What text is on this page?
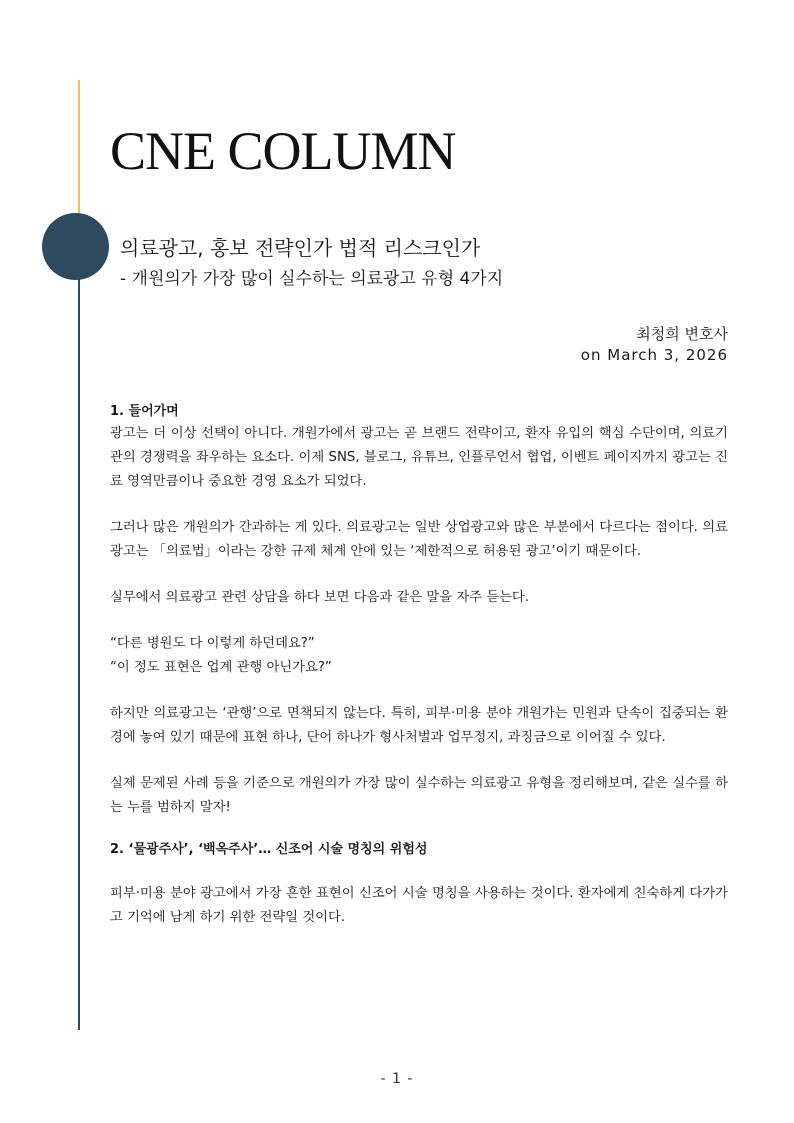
CNE COLUMN
의료광고, 홍보 전략인가 법적 리스크인가
- 개원의가 가장 많이 실수하는 의료광고 유형 4가지
최청희 변호사
on March 3, 2026
1. 들어가며

광고는 더 이상 선택이 아니다. 개원가에서 광고는 곧 브랜드 전략이고, 환자 유입의 핵심 수단이며, 의료기관의 경쟁력을 좌우하는 요소다. 이제 SNS, 블로그, 유튜브, 인플루언서 협업, 이벤트 페이지까지 광고는 진료 영역만큼이나 중요한 경영 요소가 되었다.

그러나 많은 개원의가 간과하는 게 있다. 의료광고는 일반 상업광고와 많은 부분에서 다르다는 점이다. 의료광고는 「의료법」이라는 강한 규제 체계 안에 있는 ‘제한적으로 허용된 광고’이기 때문이다.

실무에서 의료광고 관련 상담을 하다 보면 다음과 같은 말을 자주 듣는다.

“다른 병원도 다 이렇게 하던데요?”

“이 정도 표현은 업계 관행 아닌가요?”

하지만 의료광고는 ‘관행’으로 면책되지 않는다. 특히, 피부·미용 분야 개원가는 민원과 단속이 집중되는 환경에 놓여 있기 때문에 표현 하나, 단어 하나가 형사처벌과 업무정지, 과징금으로 이어질 수 있다.

실제 문제된 사례 등을 기준으로 개원의가 가장 많이 실수하는 의료광고 유형을 정리해보며, 같은 실수를 하는 누를 범하지 말자!

2. ‘물광주사’, ‘백옥주사’… 신조어 시술 명칭의 위험성

피부·미용 분야 광고에서 가장 흔한 표현이 신조어 시술 명칭을 사용하는 것이다. 환자에게 친숙하게 다가가고 기억에 남게 하기 위한 전략일 것이다.

- 1 -
